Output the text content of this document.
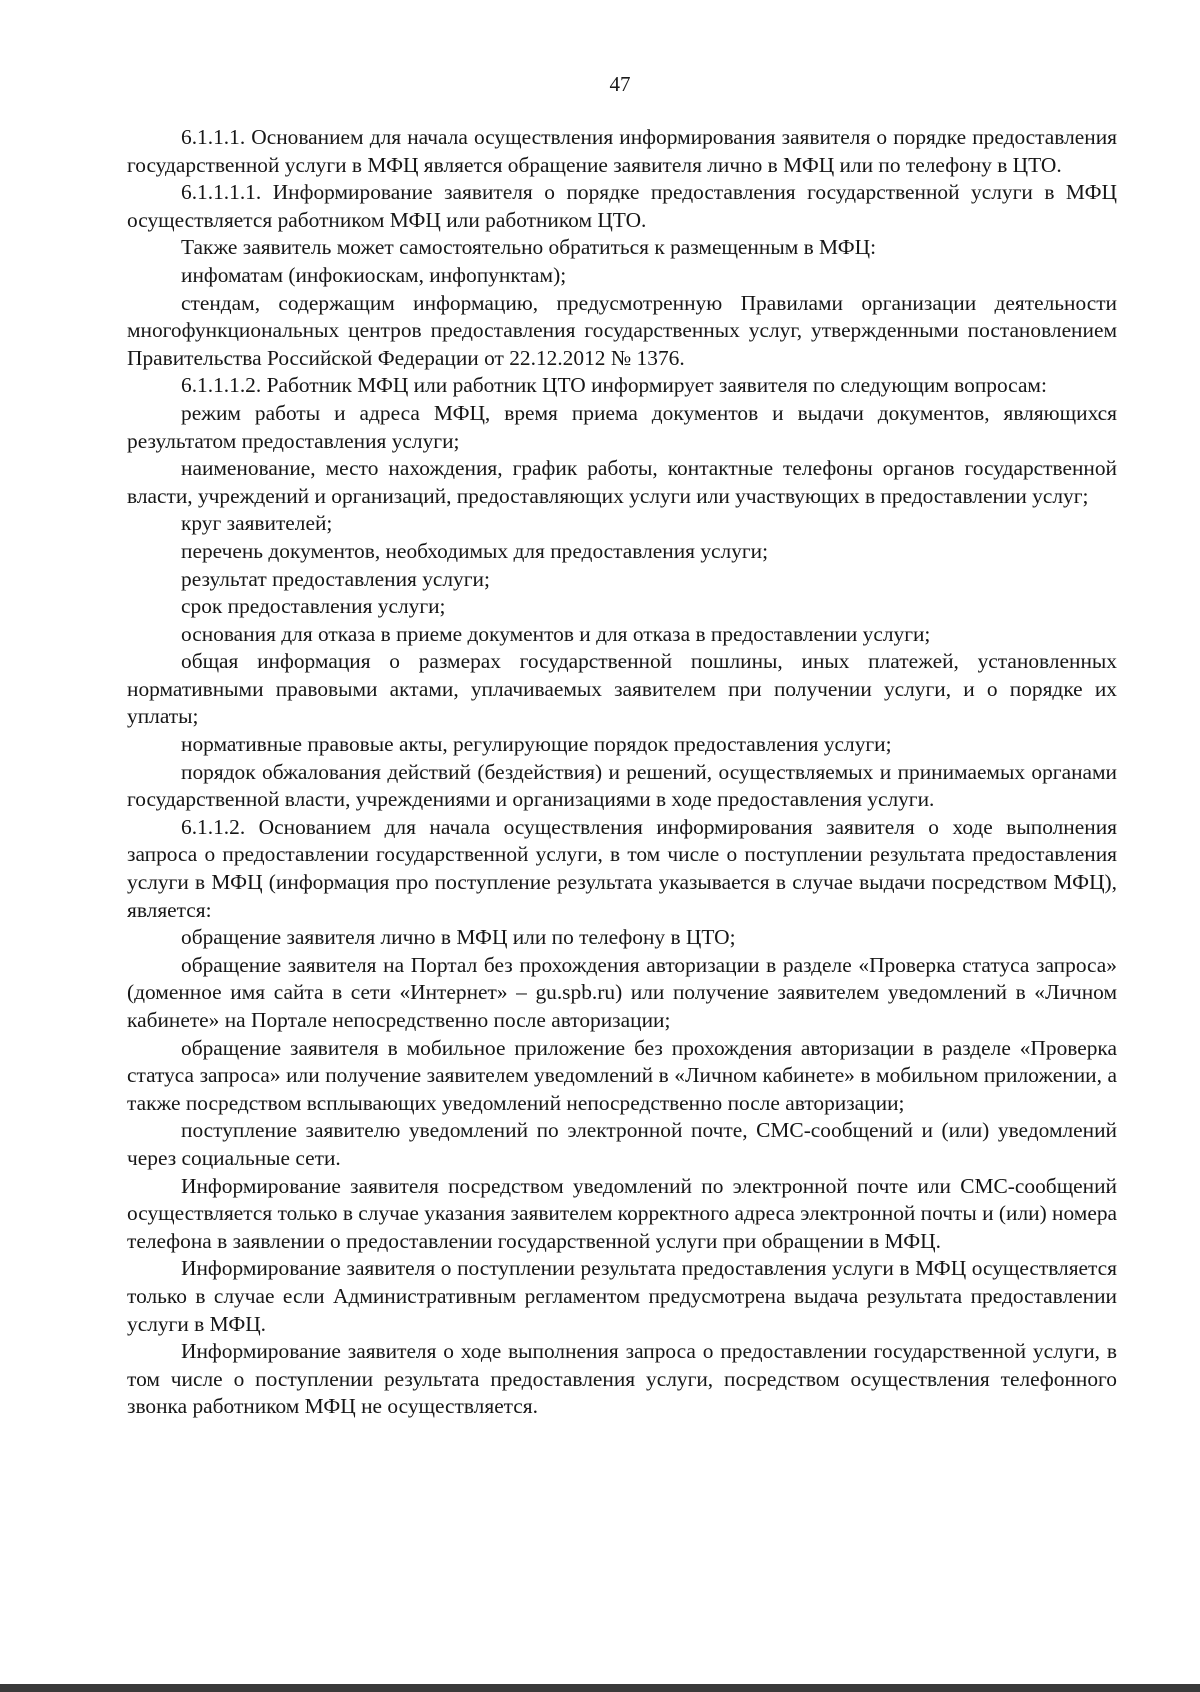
47

6.1.1.1. Основанием для начала осуществления информирования заявителя о порядке предоставления государственной услуги в МФЦ является обращение заявителя лично в МФЦ или по телефону в ЦТО.

6.1.1.1.1. Информирование заявителя о порядке предоставления государственной услуги в МФЦ осуществляется работником МФЦ или работником ЦТО.

Также заявитель может самостоятельно обратиться к размещенным в МФЦ:

инфоматам (инфокиоскам, инфопунктам);

стендам, содержащим информацию, предусмотренную Правилами организации деятельности многофункциональных центров предоставления государственных услуг, утвержденными постановлением Правительства Российской Федерации от 22.12.2012 № 1376.

6.1.1.1.2. Работник МФЦ или работник ЦТО информирует заявителя по следующим вопросам:

режим работы и адреса МФЦ, время приема документов и выдачи документов, являющихся результатом предоставления услуги;

наименование, место нахождения, график работы, контактные телефоны органов государственной власти, учреждений и организаций, предоставляющих услуги или участвующих в предоставлении услуг;

круг заявителей;

перечень документов, необходимых для предоставления услуги;

результат предоставления услуги;

срок предоставления услуги;

основания для отказа в приеме документов и для отказа в предоставлении услуги;

общая информация о размерах государственной пошлины, иных платежей, установленных нормативными правовыми актами, уплачиваемых заявителем при получении услуги, и о порядке их уплаты;

нормативные правовые акты, регулирующие порядок предоставления услуги;

порядок обжалования действий (бездействия) и решений, осуществляемых и принимаемых органами государственной власти, учреждениями и организациями в ходе предоставления услуги.

6.1.1.2. Основанием для начала осуществления информирования заявителя о ходе выполнения запроса о предоставлении государственной услуги, в том числе о поступлении результата предоставления услуги в МФЦ (информация про поступление результата указывается в случае выдачи посредством МФЦ), является:

обращение заявителя лично в МФЦ или по телефону в ЦТО;

обращение заявителя на Портал без прохождения авторизации в разделе «Проверка статуса запроса» (доменное имя сайта в сети «Интернет» – gu.spb.ru) или получение заявителем уведомлений в «Личном кабинете» на Портале непосредственно после авторизации;

обращение заявителя в мобильное приложение без прохождения авторизации в разделе «Проверка статуса запроса» или получение заявителем уведомлений в «Личном кабинете» в мобильном приложении, а также посредством всплывающих уведомлений непосредственно после авторизации;

поступление заявителю уведомлений по электронной почте, СМС-сообщений и (или) уведомлений через социальные сети.

Информирование заявителя посредством уведомлений по электронной почте или СМС-сообщений осуществляется только в случае указания заявителем корректного адреса электронной почты и (или) номера телефона в заявлении о предоставлении государственной услуги при обращении в МФЦ.

Информирование заявителя о поступлении результата предоставления услуги в МФЦ осуществляется только в случае если Административным регламентом предусмотрена выдача результата предоставлении услуги в МФЦ.

Информирование заявителя о ходе выполнения запроса о предоставлении государственной услуги, в том числе о поступлении результата предоставления услуги, посредством осуществления телефонного звонка работником МФЦ не осуществляется.
